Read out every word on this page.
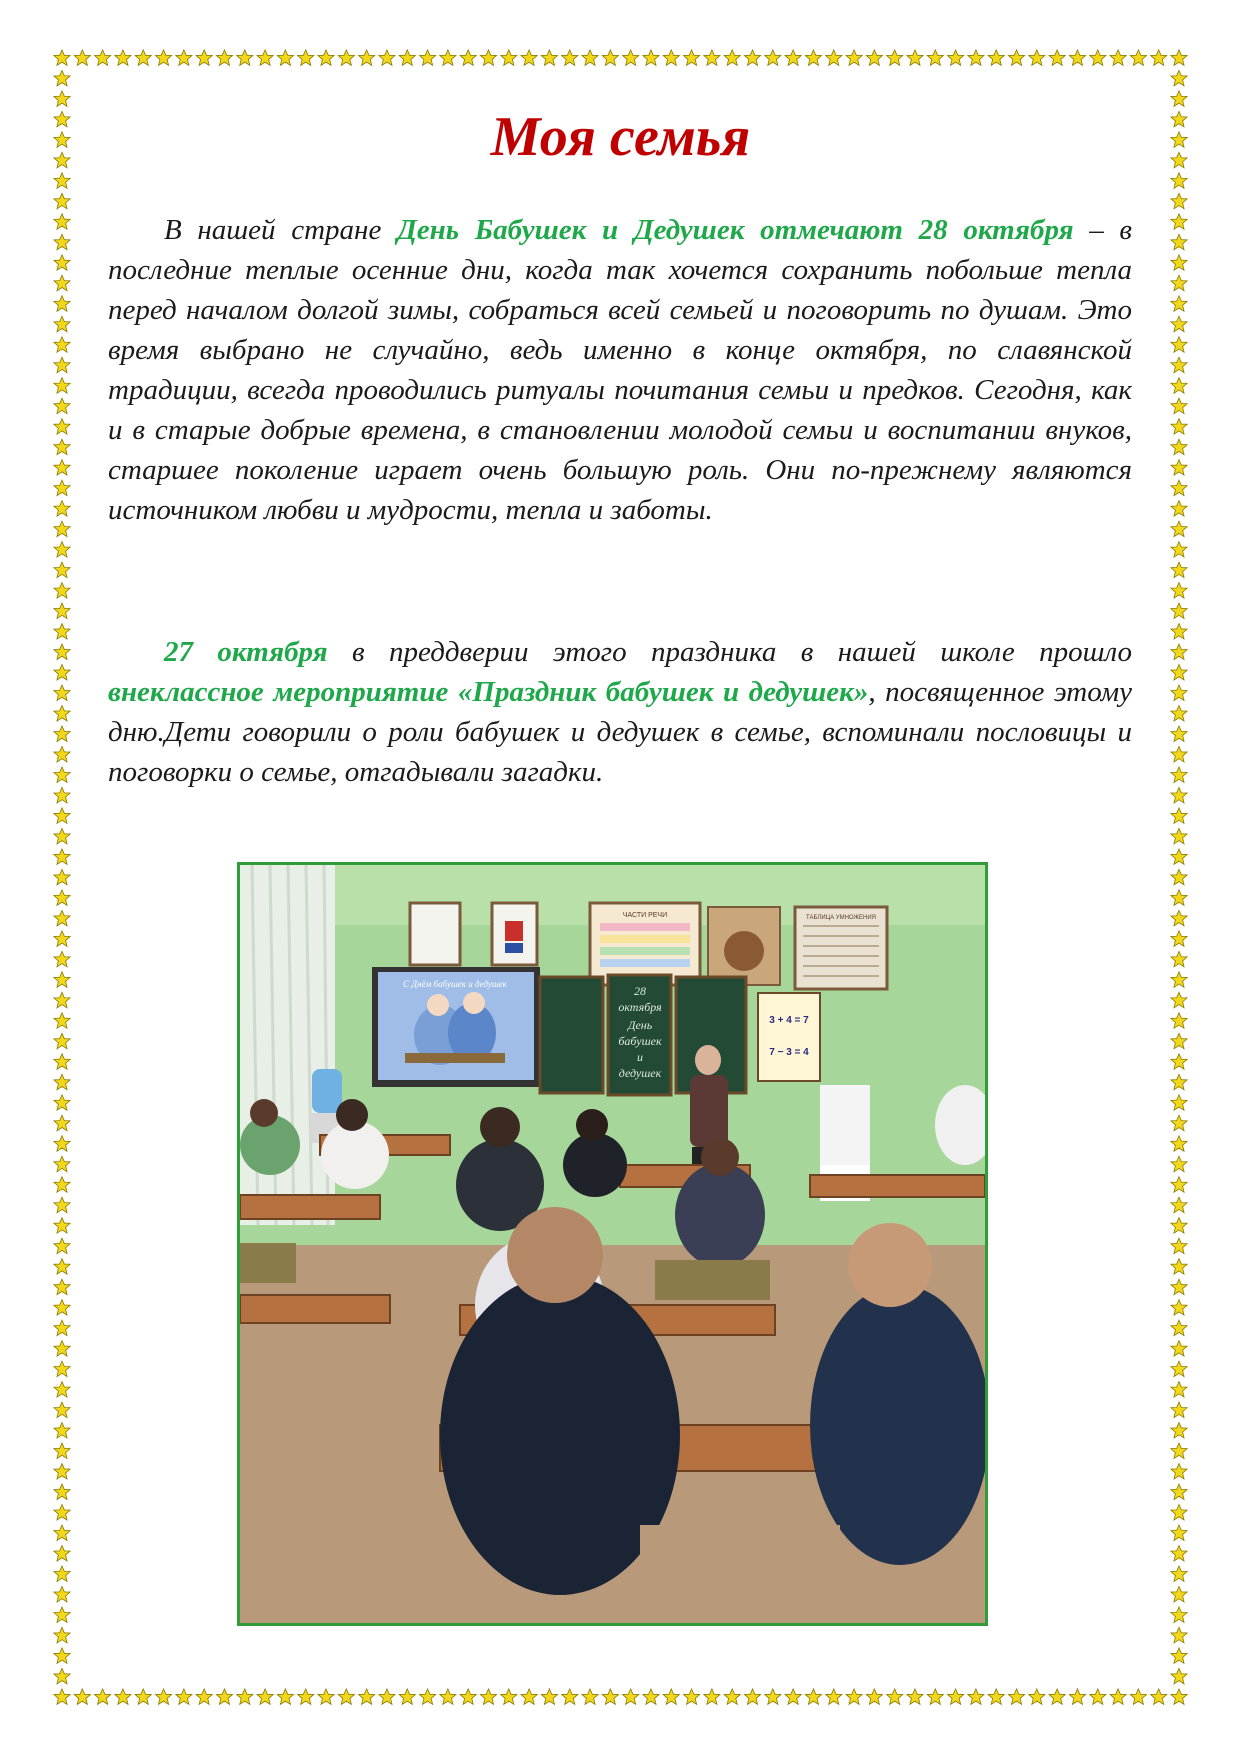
Моя семья

В нашей стране День Бабушек и Дедушек отмечают 28 октября – в последние теплые осенние дни, когда так хочется сохранить побольше тепла перед началом долгой зимы, собраться всей семьей и поговорить по душам. Это время выбрано не случайно, ведь именно в конце октября, по славянской традиции, всегда проводились ритуалы почитания семьи и предков. Сегодня, как и в старые добрые времена, в становлении молодой семьи и воспитании внуков, старшее поколение играет очень большую роль. Они по-прежнему являются источником любви и мудрости, тепла и заботы.

27 октября в преддверии этого праздника в нашей школе прошло внеклассное мероприятие «Праздник бабушек и дедушек», посвященное этому дню.Дети говорили о роли бабушек и дедушек в семье, вспоминали пословицы и поговорки о семье, отгадывали загадки.

ЧАСТИ РЕЧИ	ТАБЛИЦА УМНОЖЕНИЯ
С Днём бабушек и дедушек	28
октября
День
бабушек
и
дедушек
3 + 4 = 7
7 − 3 = 4
